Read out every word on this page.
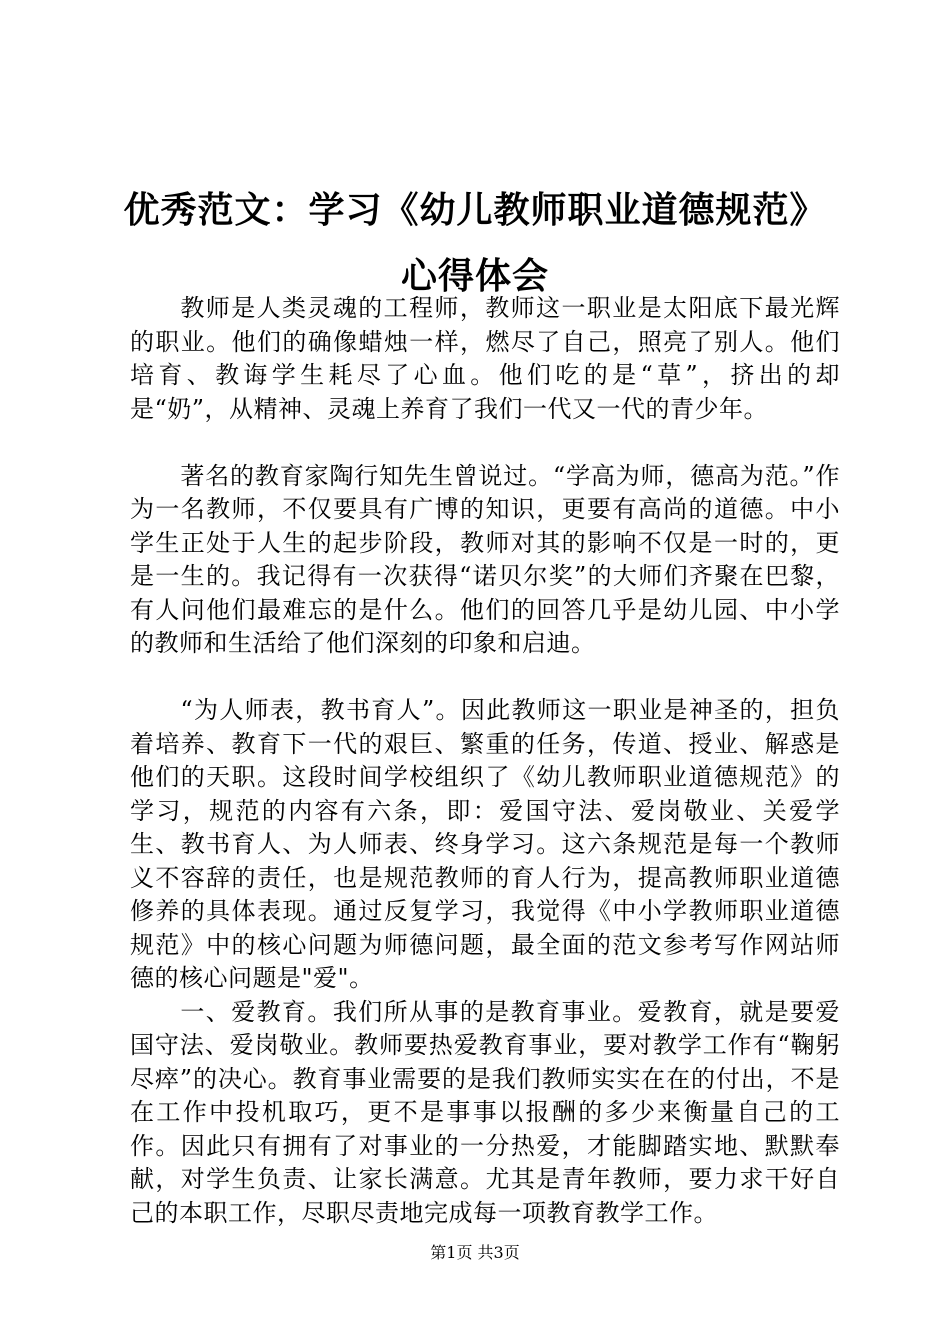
优秀范文：学习《幼儿教师职业道德规范》心得体会

教师是人类灵魂的工程师，教师这一职业是太阳底下最光辉的职业。他们的确像蜡烛一样，燃尽了自己，照亮了别人。他们培育、教诲学生耗尽了心血。他们吃的是“草”，挤出的却是“奶”，从精神、灵魂上养育了我们一代又一代的青少年。

著名的教育家陶行知先生曾说过。“学高为师，德高为范。”作为一名教师，不仅要具有广博的知识，更要有高尚的道德。中小学生正处于人生的起步阶段，教师对其的影响不仅是一时的，更是一生的。我记得有一次获得“诺贝尔奖”的大师们齐聚在巴黎，有人问他们最难忘的是什么。他们的回答几乎是幼儿园、中小学的教师和生活给了他们深刻的印象和启迪。

“为人师表，教书育人”。因此教师这一职业是神圣的，担负着培养、教育下一代的艰巨、繁重的任务，传道、授业、解惑是他们的天职。这段时间学校组织了《幼儿教师职业道德规范》的学习，规范的内容有六条，即：爱国守法、爱岗敬业、关爱学生、教书育人、为人师表、终身学习。这六条规范是每一个教师义不容辞的责任，也是规范教师的育人行为，提高教师职业道德修养的具体表现。通过反复学习，我觉得《中小学教师职业道德规范》中的核心问题为师德问题，最全面的范文参考写作网站师德的核心问题是"爱"。

一、爱教育。我们所从事的是教育事业。爱教育，就是要爱国守法、爱岗敬业。教师要热爱教育事业，要对教学工作有“鞠躬尽瘁”的决心。教育事业需要的是我们教师实实在在的付出，不是在工作中投机取巧，更不是事事以报酬的多少来衡量自己的工作。因此只有拥有了对事业的一分热爱，才能脚踏实地、默默奉献，对学生负责、让家长满意。尤其是青年教师，要力求干好自己的本职工作，尽职尽责地完成每一项教育教学工作。

第1页 共3页
